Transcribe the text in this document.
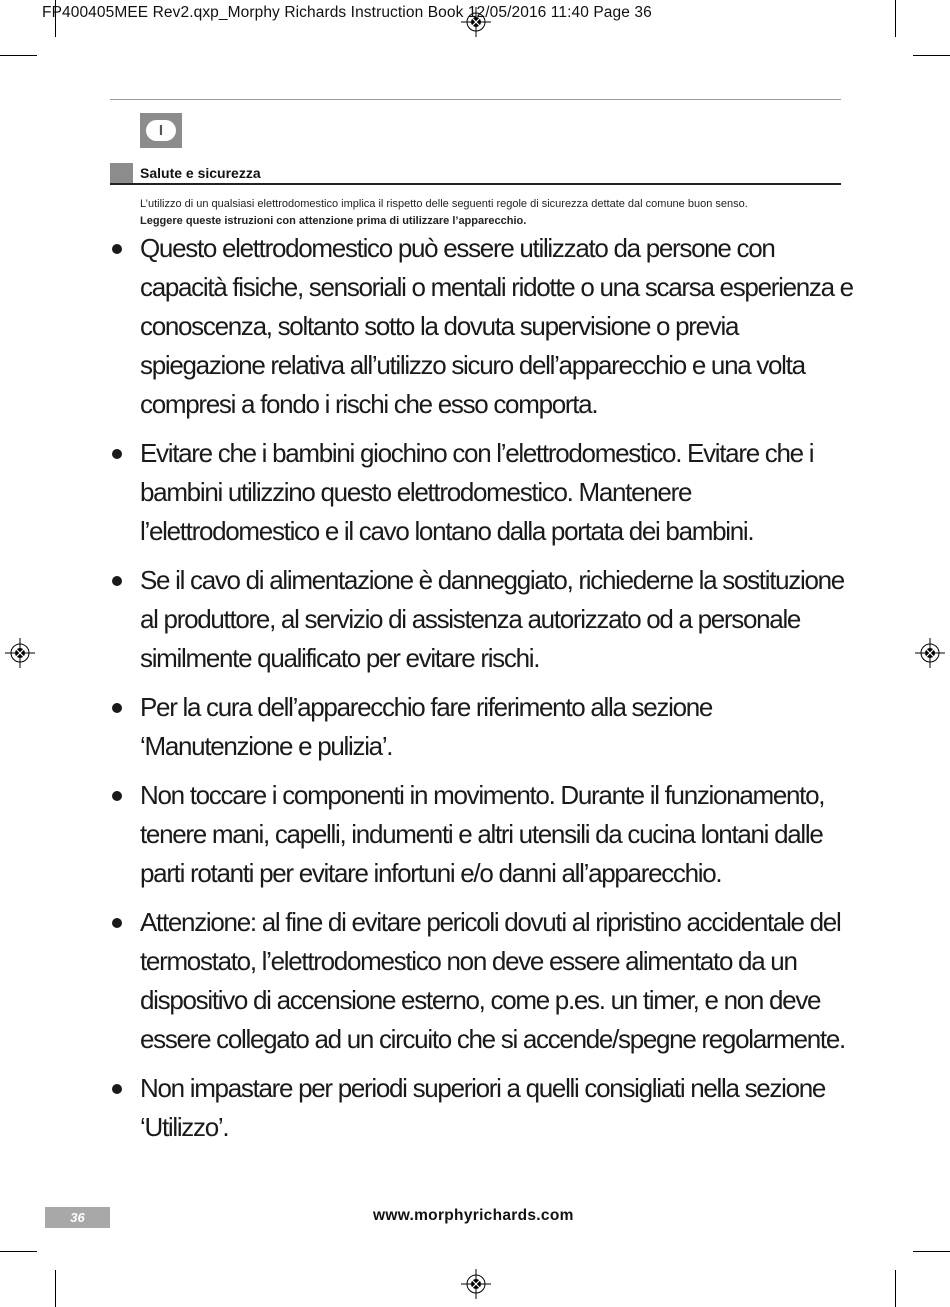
FP400405MEE Rev2.qxp_Morphy Richards Instruction Book 12/05/2016 11:40 Page 36
I
Salute e sicurezza
L’utilizzo di un qualsiasi elettrodomestico implica il rispetto delle seguenti regole di sicurezza dettate dal comune buon senso.
Leggere queste istruzioni con attenzione prima di utilizzare l’apparecchio.
Questo elettrodomestico può essere utilizzato da persone con capacità fisiche, sensoriali o mentali ridotte o una scarsa esperienza e conoscenza, soltanto sotto la dovuta supervisione o previa spiegazione relativa all’utilizzo sicuro dell’apparecchio e una volta compresi a fondo i rischi che esso comporta.
Evitare che i bambini giochino con l’elettrodomestico. Evitare che i bambini utilizzino questo elettrodomestico. Mantenere l’elettrodomestico e il cavo lontano dalla portata dei bambini.
Se il cavo di alimentazione è danneggiato, richiederne la sostituzione al produttore, al servizio di assistenza autorizzato od a personale similmente qualificato per evitare rischi.
Per la cura dell’apparecchio fare riferimento alla sezione ‘Manutenzione e pulizia’.
Non toccare i componenti in movimento. Durante il funzionamento, tenere mani, capelli, indumenti e altri utensili da cucina lontani dalle parti rotanti per evitare infortuni e/o danni all’apparecchio.
Attenzione: al fine di evitare pericoli dovuti al ripristino accidentale del termostato, l’elettrodomestico non deve essere alimentato da un dispositivo di accensione esterno, come p.es. un timer, e non deve essere collegato ad un circuito che si accende/spegne regolarmente.
Non impastare per periodi superiori a quelli consigliati nella sezione ‘Utilizzo’.
36	www.morphyrichards.com
